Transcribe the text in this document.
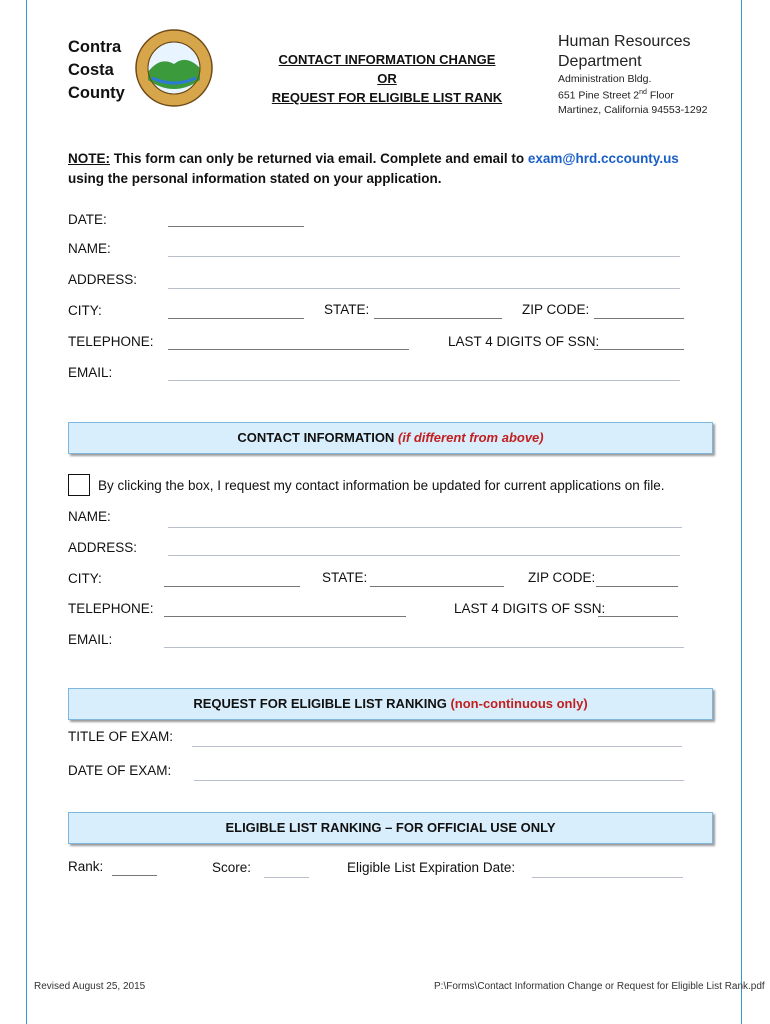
Contra
Costa
County
CONTACT INFORMATION CHANGE
OR
REQUEST FOR ELIGIBLE LIST RANK
Human Resources
Department
Administration Bldg.
651 Pine Street 2nd Floor
Martinez, California 94553-1292
NOTE: This form can only be returned via email. Complete and email to exam@hrd.cccounty.us
using the personal information stated on your application.
DATE:
NAME:
ADDRESS:
CITY:	STATE:	ZIP CODE:
TELEPHONE:	LAST 4 DIGITS OF SSN:
EMAIL:
CONTACT INFORMATION (if different from above)
By clicking the box, I request my contact information be updated for current applications on file.
NAME:
ADDRESS:
CITY:	STATE:	ZIP CODE:
TELEPHONE:	LAST 4 DIGITS OF SSN:
EMAIL:
REQUEST FOR ELIGIBLE LIST RANKING (non-continuous only)
TITLE OF EXAM:
DATE OF EXAM:
ELIGIBLE LIST RANKING – FOR OFFICIAL USE ONLY
Rank:	Score:	Eligible List Expiration Date:
Revised August 25, 2015	P:\Forms\Contact Information Change or Request for Eligible List Rank.pdf
